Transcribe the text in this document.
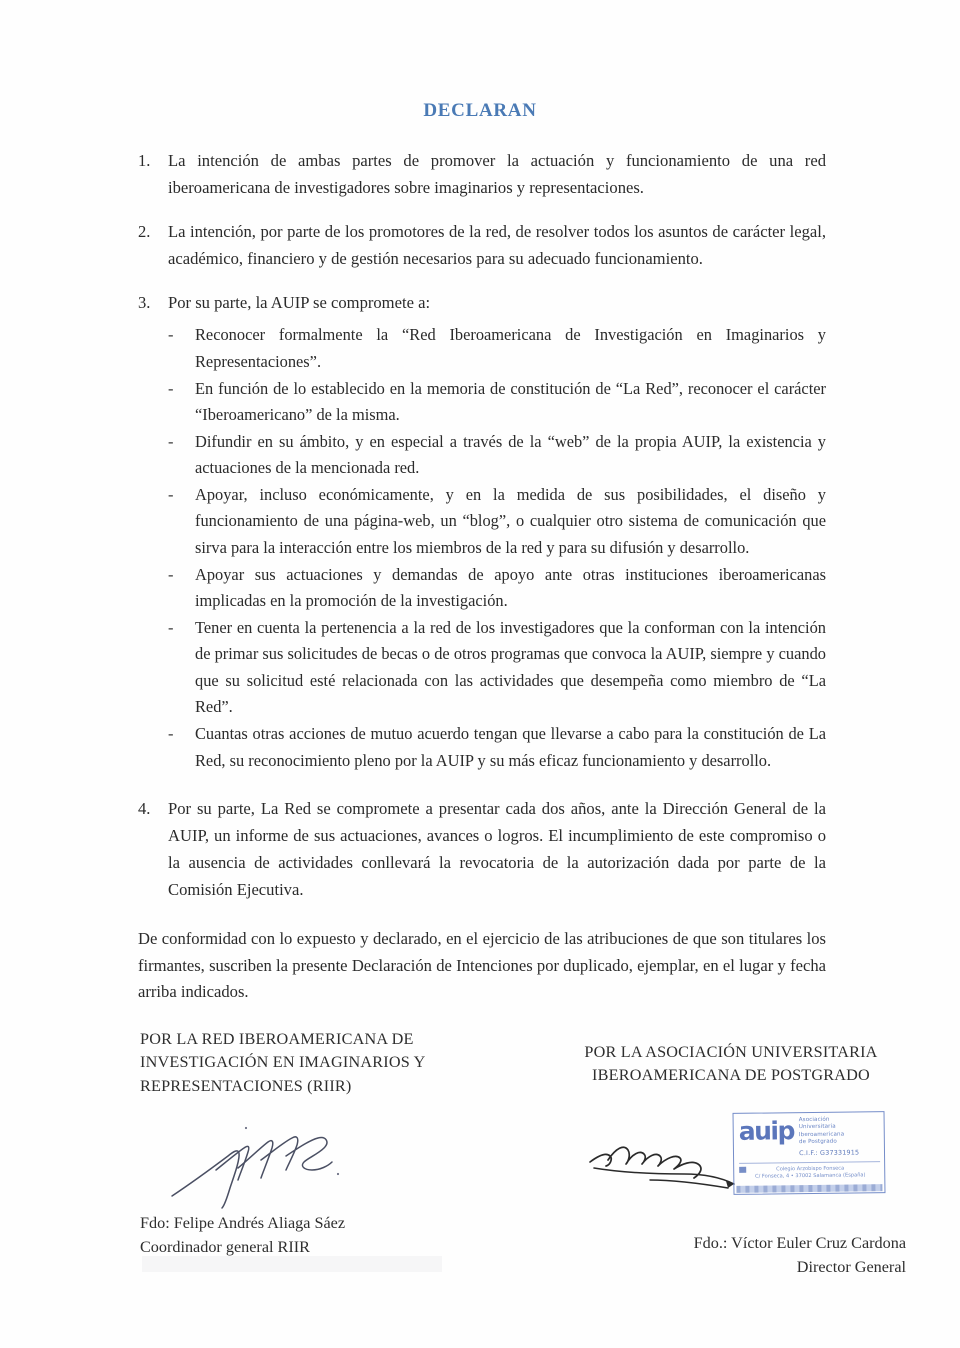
DECLARAN
1.	La intención de ambas partes de promover la actuación y funcionamiento de una red iberoamericana de investigadores sobre imaginarios y representaciones.
2.	La intención, por parte de los promotores de la red, de resolver todos los asuntos de carácter legal, académico, financiero y de gestión necesarios para su adecuado funcionamiento.
3.	Por su parte, la AUIP se compromete a:
- Reconocer formalmente la “Red Iberoamericana de Investigación en Imaginarios y Representaciones”.
- En función de lo establecido en la memoria de constitución de “La Red”, reconocer el carácter “Iberoamericano” de la misma.
- Difundir en su ámbito, y en especial a través de la “web” de la propia AUIP, la existencia y actuaciones de la mencionada red.
- Apoyar, incluso económicamente, y en la medida de sus posibilidades, el diseño y funcionamiento de una página-web, un “blog”, o cualquier otro sistema de comunicación que sirva para la interacción entre los miembros de la red y para su difusión y desarrollo.
- Apoyar sus actuaciones y demandas de apoyo ante otras instituciones iberoamericanas implicadas en la promoción de la investigación.
- Tener en cuenta la pertenencia a la red de los investigadores que la conforman con la intención de primar sus solicitudes de becas o de otros programas que convoca la AUIP, siempre y cuando que su solicitud esté relacionada con las actividades que desempeña como miembro de “La Red”.
- Cuantas otras acciones de mutuo acuerdo tengan que llevarse a cabo para la constitución de La Red, su reconocimiento pleno por la AUIP y su más eficaz funcionamiento y desarrollo.
4.	Por su parte, La Red se compromete a presentar cada dos años, ante la Dirección General de la AUIP, un informe de sus actuaciones, avances o logros. El incumplimiento de este compromiso o la ausencia de actividades conllevará la revocatoria de la autorización dada por parte de la Comisión Ejecutiva.
De conformidad con lo expuesto y declarado, en el ejercicio de las atribuciones de que son titulares los firmantes, suscriben la presente Declaración de Intenciones por duplicado, ejemplar, en el lugar y fecha arriba indicados.
POR LA RED IBEROAMERICANA DE
INVESTIGACIÓN EN IMAGINARIOS Y
REPRESENTACIONES (RIIR)
POR LA ASOCIACIÓN UNIVERSITARIA
IBEROAMERICANA DE POSTGRADO
auip Asociación
Universitaria
Iberoamericana
de Postgrado
C.I.F.: G37331915
Colegio Arzobispo Fonseca
C/ Fonseca, 4 • 37002 Salamanca (España)
Fdo: Felipe Andrés Aliaga Sáez
Coordinador general RIIR	Fdo.: Víctor Euler Cruz Cardona
Director General
